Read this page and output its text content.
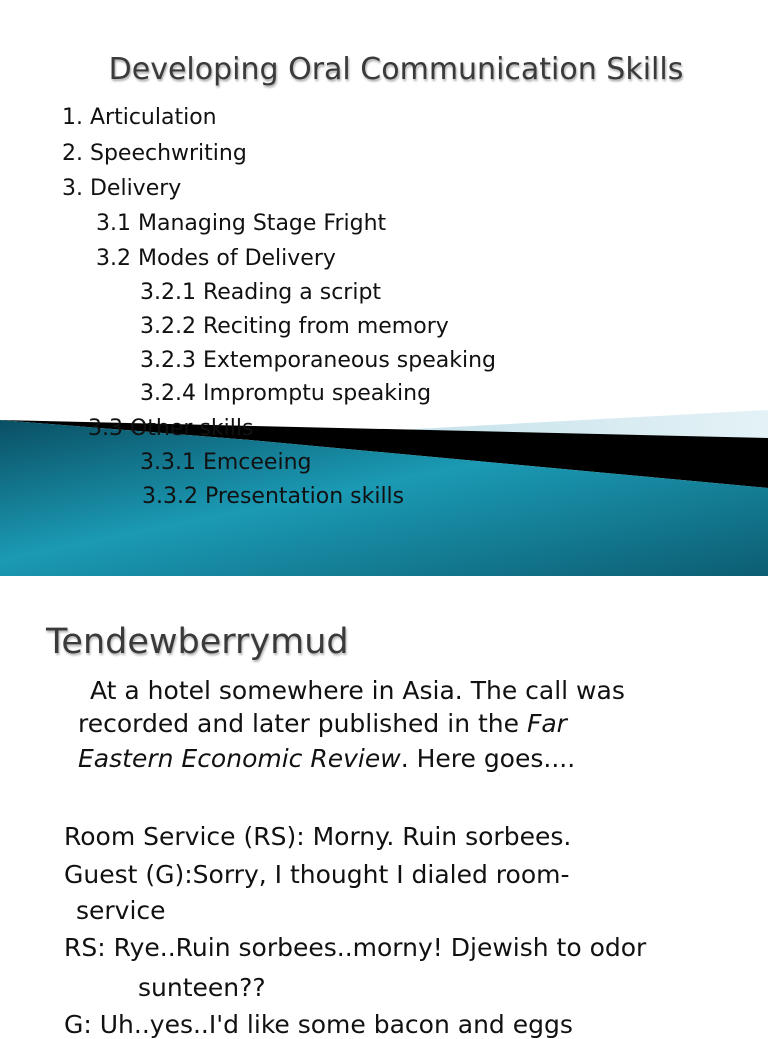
Developing Oral Communication Skills
1. Articulation
2. Speechwriting
3. Delivery
3.1 Managing Stage Fright
3.2 Modes of Delivery
3.2.1 Reading a script
3.2.2 Reciting from memory
3.2.3 Extemporaneous speaking
3.2.4 Impromptu speaking
3.3 Other skills
3.3.1 Emceeing
3.3.2 Presentation skills
Tendewberrymud
At a hotel somewhere in Asia. The call was
recorded and later published in the Far
Eastern Economic Review. Here goes....
Room Service (RS): Morny. Ruin sorbees.
Guest (G):Sorry, I thought I dialed room-
service
RS: Rye..Ruin sorbees..morny! Djewish to odor
sunteen??
G: Uh..yes..I'd like some bacon and eggs
